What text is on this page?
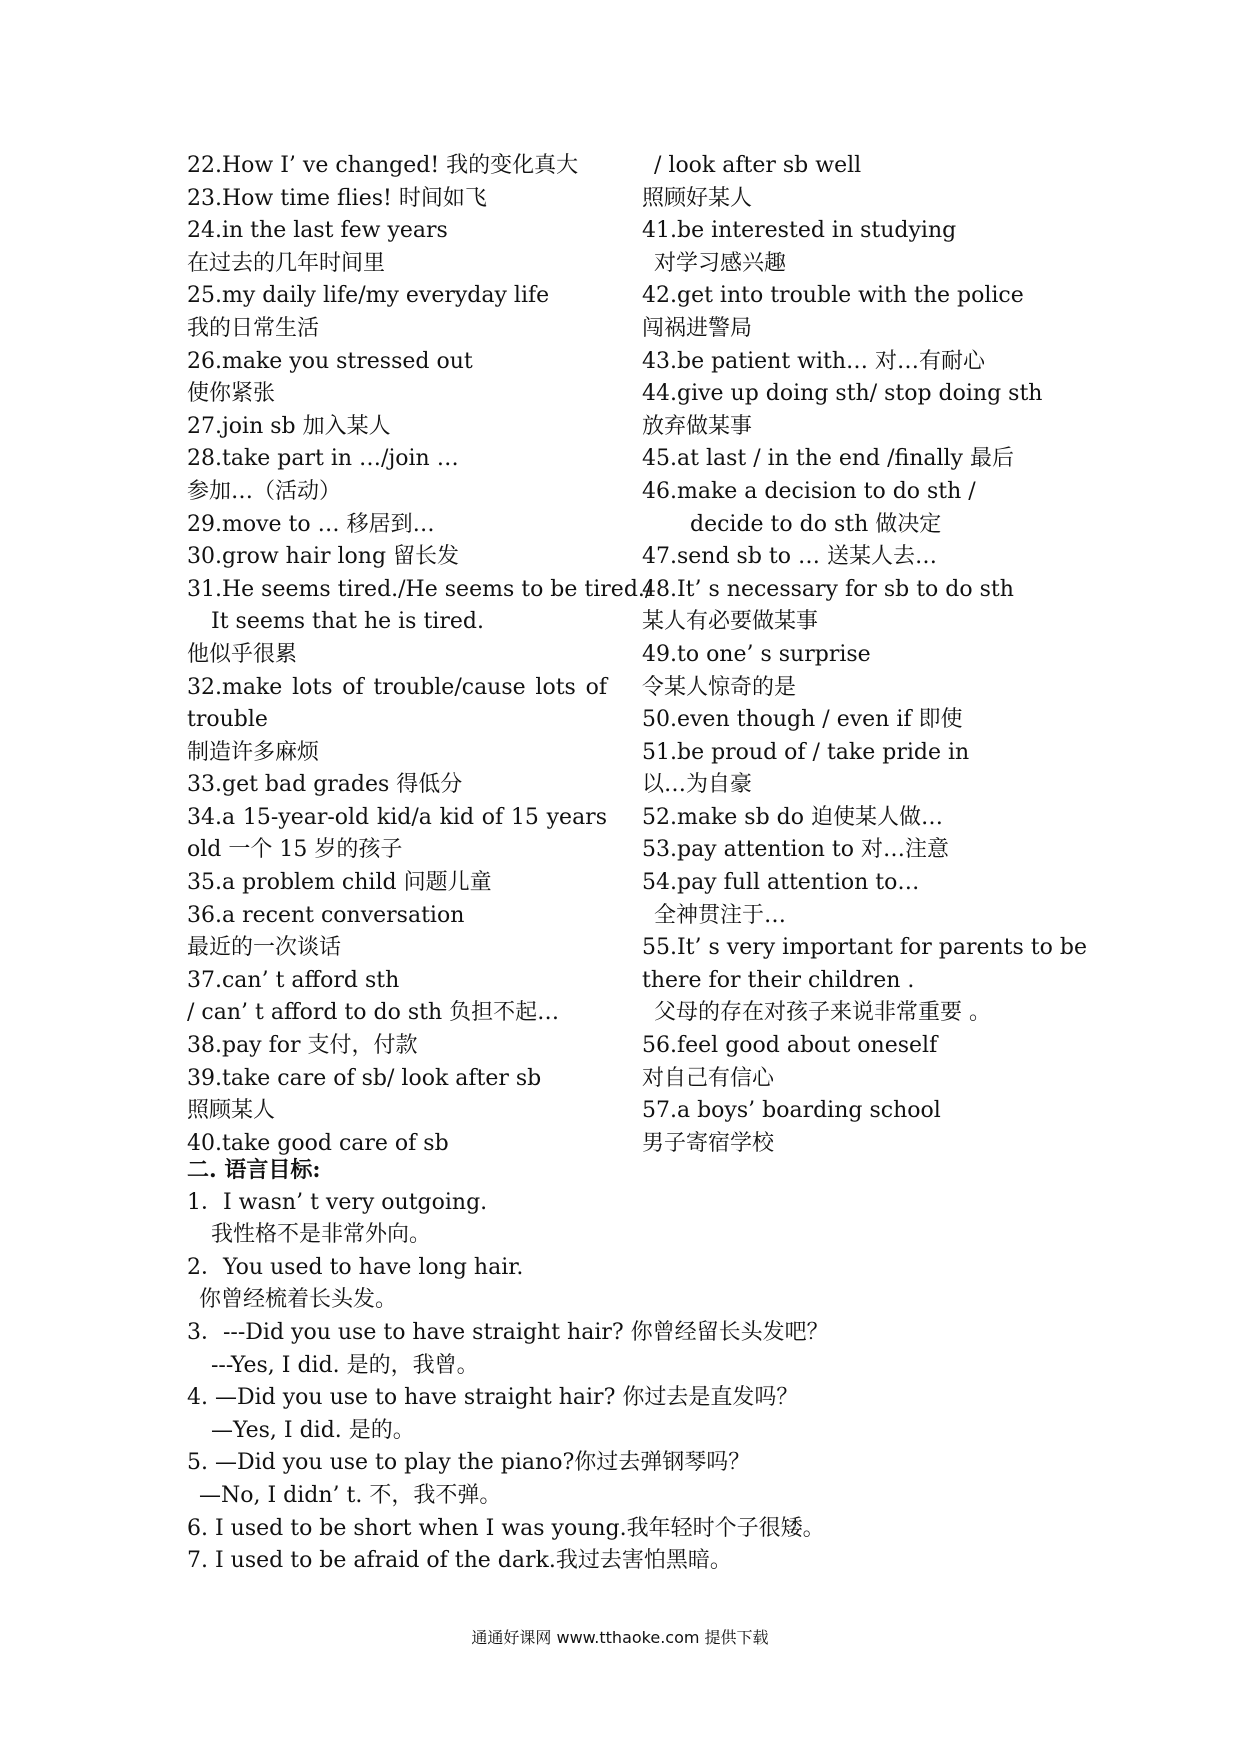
22.How I’ ve changed! 我的变化真大
23.How time flies! 时间如飞
24.in the last few years
在过去的几年时间里
25.my daily life/my everyday life
我的日常生活
26.make you stressed out
使你紧张
27.join sb 加入某人
28.take part in …/join …
参加…（活动）
29.move to … 移居到…
30.grow hair long 留长发
31.He seems tired./He seems to be tired./
It seems that he is tired.
他似乎很累
32.make lots of trouble/cause lots of
trouble
制造许多麻烦
33.get bad grades 得低分
34.a 15-year-old kid/a kid of 15 years
old 一个 15 岁的孩子
35.a problem child 问题儿童
36.a recent conversation
最近的一次谈话
37.can’ t afford sth
/ can’ t afford to do sth 负担不起…
38.pay for 支付，付款
39.take care of sb/ look after sb
照顾某人
40.take good care of sb
/ look after sb well
照顾好某人
41.be interested in studying
对学习感兴趣
42.get into trouble with the police
闯祸进警局
43.be patient with… 对…有耐心
44.give up doing sth/ stop doing sth
放弃做某事
45.at last / in the end /finally 最后
46.make a decision to do sth /
decide to do sth 做决定
47.send sb to … 送某人去…
48.It’ s necessary for sb to do sth
某人有必要做某事
49.to one’ s surprise
令某人惊奇的是
50.even though / even if 即使
51.be proud of / take pride in
以…为自豪
52.make sb do 迫使某人做…
53.pay attention to 对…注意
54.pay full attention to…
全神贯注于…
55.It’ s very important for parents to be
there for their children .
父母的存在对孩子来说非常重要 。
56.feel good about oneself
对自己有信心
57.a boys’ boarding school
男子寄宿学校
二. 语言目标:
1．I wasn’ t very outgoing.
我性格不是非常外向。
2．You used to have long hair.
你曾经梳着长头发。
3．---Did you use to have straight hair? 你曾经留长头发吧？
---Yes, I did. 是的，我曾。
4. —Did you use to have straight hair? 你过去是直发吗？
—Yes, I did. 是的。
5. —Did you use to play the piano?你过去弹钢琴吗？
—No, I didn’ t. 不，我不弹。
6. I used to be short when I was young.我年轻时个子很矮。
7. I used to be afraid of the dark.我过去害怕黑暗。
通通好课网 www.tthaoke.com 提供下载
